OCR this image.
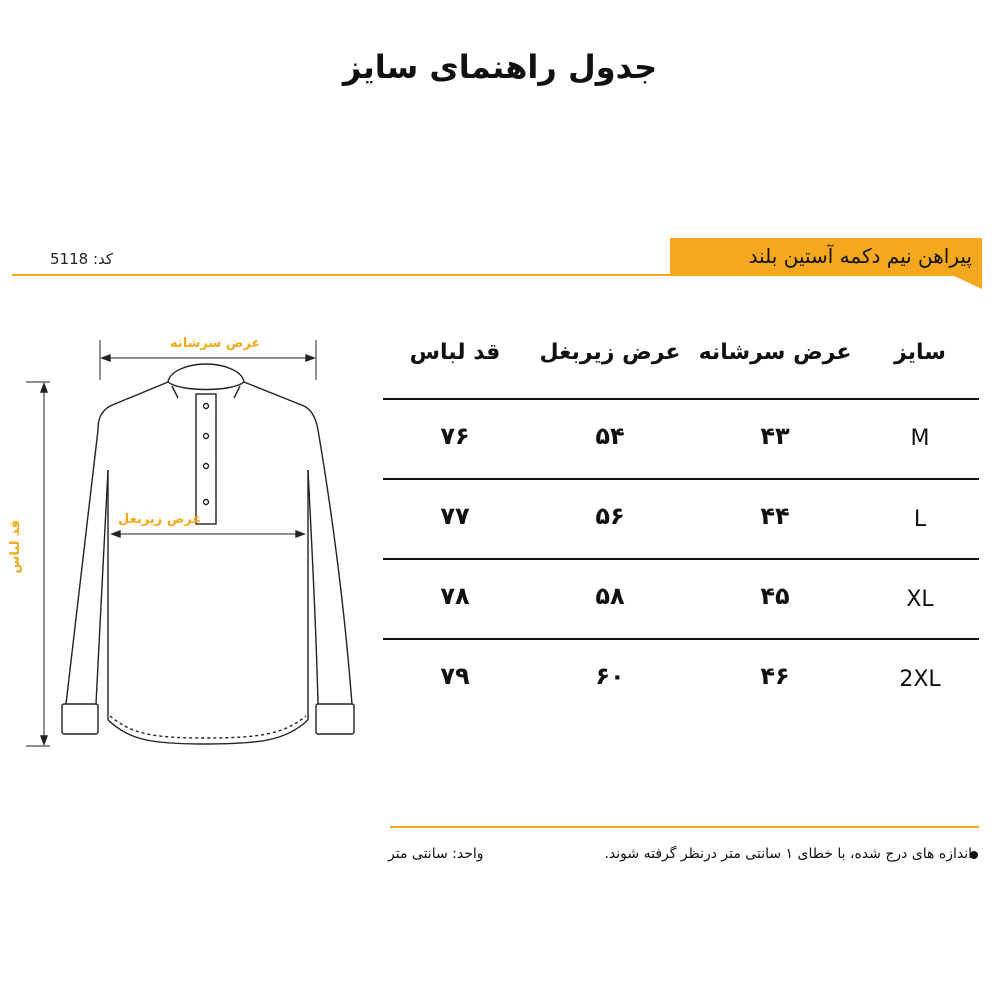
جدول راهنمای سایز
کد: 5118	پیراهن نیم دکمه آستین بلند
عرض سرشانه
عرض زیربغل
قد لباس
سایز
عرض سرشانه
عرض زیربغل
قد لباس
M
۴۳
۵۴
۷۶
L
۴۴
۵۶
۷۷
XL
۴۵
۵۸
۷۸
2XL
۴۶
۶۰
۷۹
اندازه های درج شده، با خطای ۱ سانتی متر درنظر گرفته شوند.
واحد: سانتی متر
